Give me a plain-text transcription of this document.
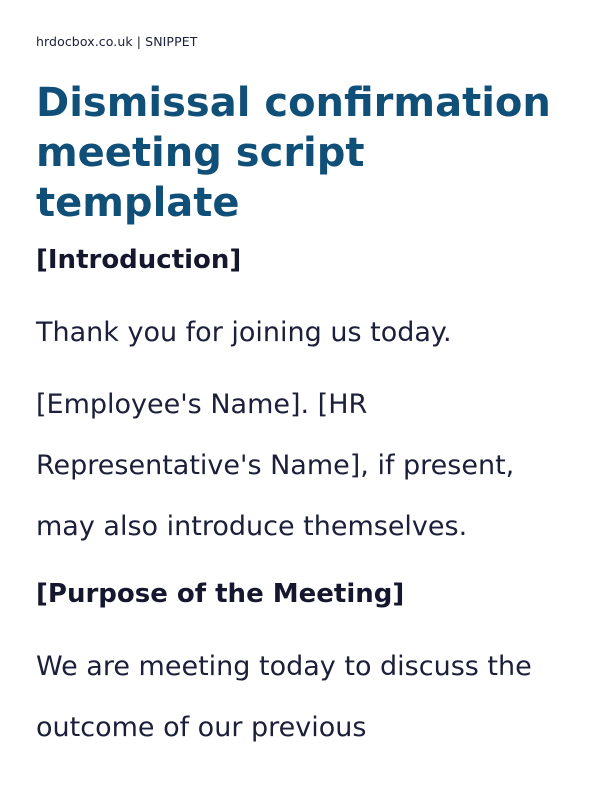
hrdocbox.co.uk | SNIPPET
Dismissal confirmation meeting script template
[Introduction]

Thank you for joining us today.

[Employee's Name]. [HR Representative's Name], if present, may also introduce themselves.

[Purpose of the Meeting]

We are meeting today to discuss the outcome of our previous
